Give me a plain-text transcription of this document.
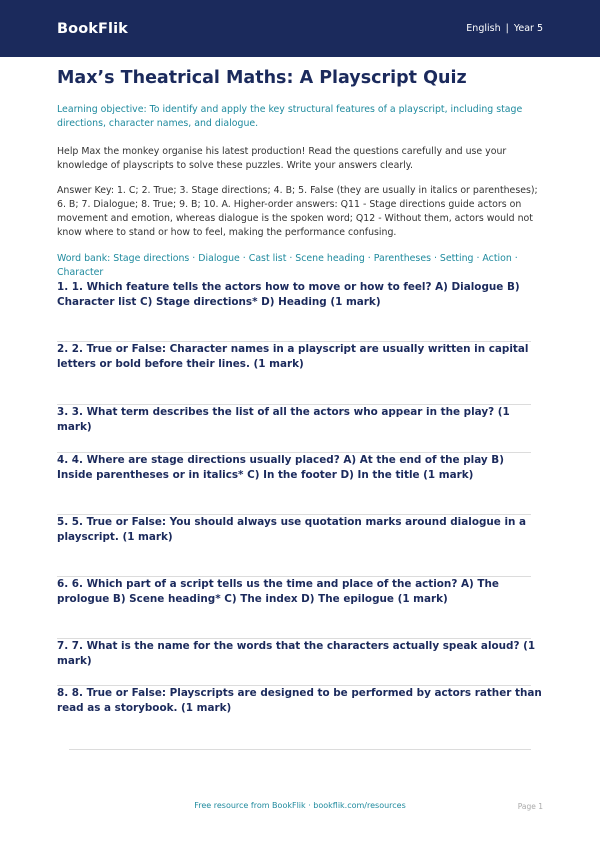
BookFlik	English | Year 5
Max’s Theatrical Maths: A Playscript Quiz

Learning objective: To identify and apply the key structural features of a playscript, including stage directions, character names, and dialogue.

Help Max the monkey organise his latest production! Read the questions carefully and use your knowledge of playscripts to solve these puzzles. Write your answers clearly.

Answer Key: 1. C; 2. True; 3. Stage directions; 4. B; 5. False (they are usually in italics or parentheses); 6. B; 7. Dialogue; 8. True; 9. B; 10. A. Higher-order answers: Q11 - Stage directions guide actors on movement and emotion, whereas dialogue is the spoken word; Q12 - Without them, actors would not know where to stand or how to feel, making the performance confusing.

Word bank: Stage directions · Dialogue · Cast list · Scene heading · Parentheses · Setting · Action · Character

1. 1. Which feature tells the actors how to move or how to feel? A) Dialogue B) Character list C) Stage directions* D) Heading (1 mark)
2. 2. True or False: Character names in a playscript are usually written in capital letters or bold before their lines. (1 mark)
3. 3. What term describes the list of all the actors who appear in the play? (1 mark)
4. 4. Where are stage directions usually placed? A) At the end of the play B) Inside parentheses or in italics* C) In the footer D) In the title (1 mark)
5. 5. True or False: You should always use quotation marks around dialogue in a playscript. (1 mark)
6. 6. Which part of a script tells us the time and place of the action? A) The prologue B) Scene heading* C) The index D) The epilogue (1 mark)
7. 7. What is the name for the words that the characters actually speak aloud? (1 mark)
8. 8. True or False: Playscripts are designed to be performed by actors rather than read as a storybook. (1 mark)
Free resource from BookFlik · bookflik.com/resources	Page 1
